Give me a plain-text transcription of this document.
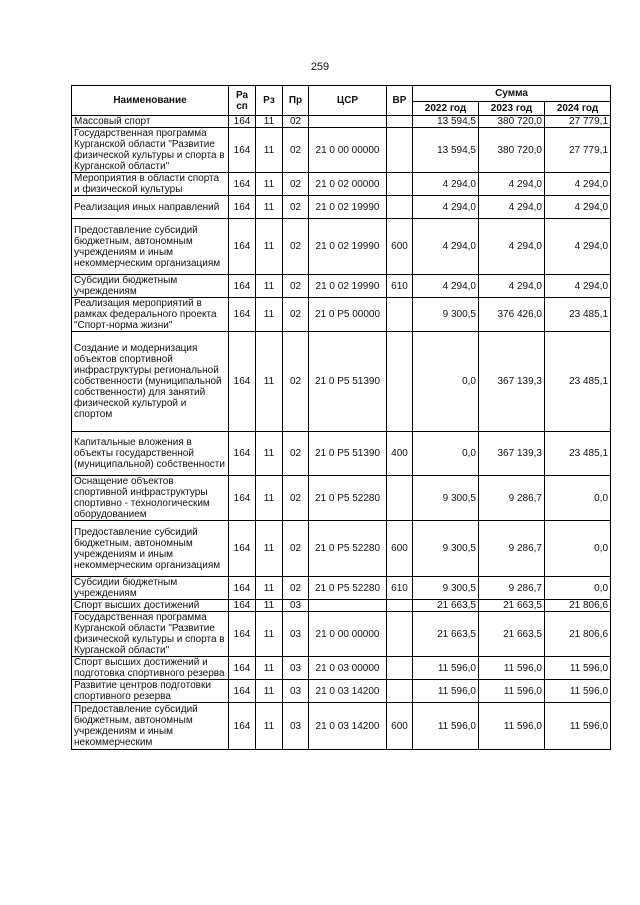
259
Наименование	Ра сп	Рз	Пр	ЦСР	ВР	Сумма		
						2022 год	2023 год	2024 год
Массовый спорт	164	11	02			13 594,5	380 720,0	27 779,1
Государственная программа Курганской области "Развитие физической культуры и спорта в Курганской области"	164	11	02	21 0 00 00000		13 594,5	380 720,0	27 779,1
Мероприятия в области спорта и физической культуры	164	11	02	21 0 02 00000		4 294,0	4 294,0	4 294,0
Реализация иных направлений	164	11	02	21 0 02 19990		4 294,0	4 294,0	4 294,0
Предоставление субсидий бюджетным, автономным учреждениям и иным некоммерческим организациям	164	11	02	21 0 02 19990	600	4 294,0	4 294,0	4 294,0
Субсидии бюджетным учреждениям	164	11	02	21 0 02 19990	610	4 294,0	4 294,0	4 294,0
Реализация мероприятий в рамках федерального проекта "Спорт-норма жизни"	164	11	02	21 0 P5 00000		9 300,5	376 426,0	23 485,1
Создание и модернизация объектов спортивной инфраструктуры региональной собственности (муниципальной собственности) для занятий физической культурой и спортом	164	11	02	21 0 P5 51390		0,0	367 139,3	23 485,1
Капитальные вложения в объекты государственной (муниципальной) собственности	164	11	02	21 0 P5 51390	400	0,0	367 139,3	23 485,1
Оснащение объектов спортивной инфраструктуры спортивно - технологическим оборудованием	164	11	02	21 0 P5 52280		9 300,5	9 286,7	0,0
Предоставление субсидий бюджетным, автономным учреждениям и иным некоммерческим организациям	164	11	02	21 0 P5 52280	600	9 300,5	9 286,7	0,0
Субсидии бюджетным учреждениям	164	11	02	21 0 P5 52280	610	9 300,5	9 286,7	0,0
Спорт высших достижений	164	11	03			21 663,5	21 663,5	21 806,6
Государственная программа Курганской области "Развитие физической культуры и спорта в Курганской области"	164	11	03	21 0 00 00000		21 663,5	21 663,5	21 806,6
Спорт высших достижений и подготовка спортивного резерва	164	11	03	21 0 03 00000		11 596,0	11 596,0	11 596,0
Развитие центров подготовки спортивного резерва	164	11	03	21 0 03 14200		11 596,0	11 596,0	11 596,0
Предоставление субсидий бюджетным, автономным учреждениям и иным некоммерческим	164	11	03	21 0 03 14200	600	11 596,0	11 596,0	11 596,0
